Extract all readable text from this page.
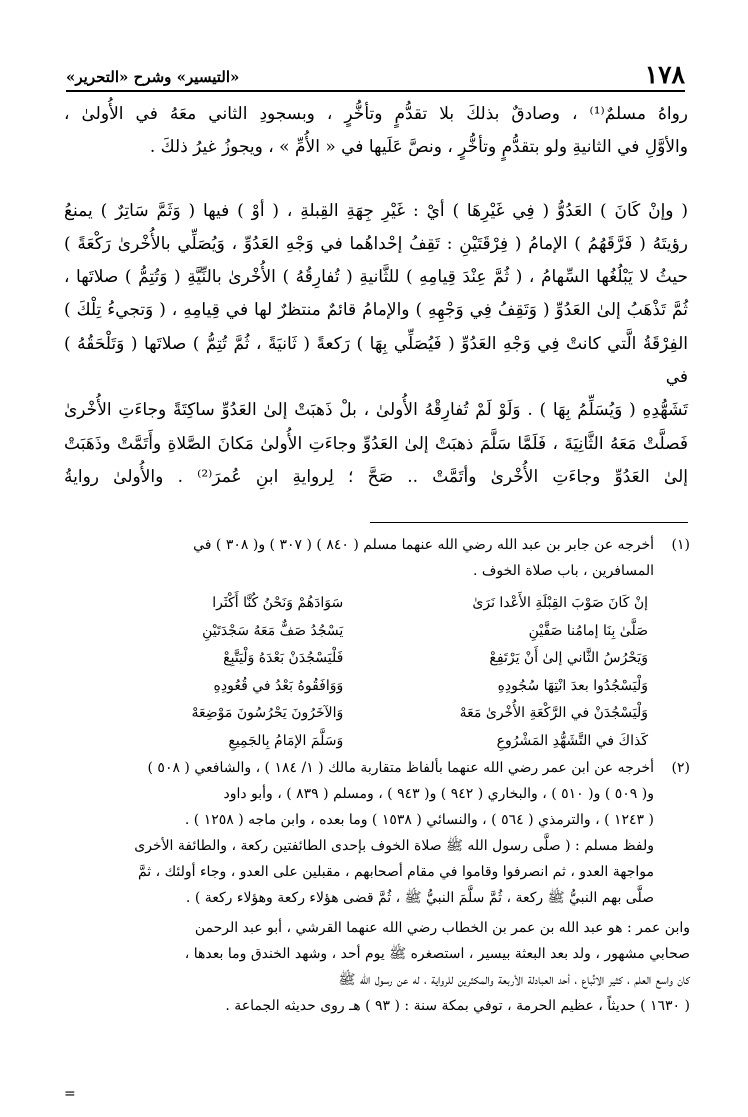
١٧٨
«التيسير» وشرح «التحرير»

رواهُ مسلمٌ⁽¹⁾ ، وصادقٌ بذلكَ بلا تقدُّمٍ وتأخُّرٍ ، وبسجودِ الثاني معَهُ في الأُولىٰ ،

والأوَّلِ في الثانيةِ ولو بتقدُّمٍ وتأخُّرٍ ، ونصَّ عَلَيها في « الأُمِّ » ، ويجوزُ غيرُ ذلكَ .

( وإنْ كَانَ ) العَدُوُّ ( فِي غَيْرِهَا ) أيْ : غَيْرِ جِهَةِ القِبلةِ ، ( أوْ ) فيها ( وَثَمَّ سَاتِرٌ ) يمنعُ

رؤيتَهُ ( فَرَّقَهُمُ ) الإمامُ ( فِرْقَتَيْنِ : تَقِفُ إحْداهُما في وَجْهِ العَدُوِّ ، وَيُصَلِّي بالأُخْرىٰ رَكْعَةً )

حيثُ لا يَبْلُغُها السِّهامُ ، ( ثُمَّ عِنْدَ قِيامِهِ ) للثَّانيةِ ( تُفارِقُهُ ) الأُخْرىٰ بالنِّيَّةِ ( وَتُتِمُّ ) صلاتَها ،

ثُمَّ تَذْهَبُ إلىٰ العَدُوِّ ( وَتَقِفُ فِي وَجْهِهِ ) والإمامُ قائمٌ منتظرٌ لها في قِيامِهِ ، ( وَتجيءُ تِلْكَ )

الفِرْقَةُ الَّتي كانتْ فِي وَجْهِ العَدُوِّ ( فَيُصَلِّي بِهَا ) رَكعةً ( ثَانيَةً ، ثُمَّ تُتِمُّ ) صلاتَها ( وَتَلْحَقُهُ ) في

تَشَهُّدِهِ ( وَيُسَلِّمُ بِهَا ) . وَلَوْ لَمْ تُفارِقْهُ الأُولىٰ ، بلْ ذَهبَتْ إلىٰ العَدُوِّ ساكِتَةً وجاءَتِ الأُخْرىٰ

فَصلَّتْ مَعَهُ الثَّانِيَةَ ، فَلَمَّا سَلَّمَ ذهبَتْ إلىٰ العَدُوِّ وجاءَتِ الأُولىٰ مَكانَ الصَّلاةِ وأَتَمَّتْ وذَهَبَتْ

إلىٰ العَدُوِّ وجاءَتِ الأُخْرىٰ وأتَمَّتْ .. صَحَّ ؛ لِروايةِ ابنِ عُمرَ⁽²⁾ . والأُولىٰ روايةُ

(١)

أخرجه عن جابر بن عبد الله رضي الله عنهما مسلم ( ٨٤٠ ) ( ٣٠٧ ) و( ٣٠٨ ) في

المسافرين ، باب صلاة الخوف .

إنْ كَانَ صَوْبَ القِبْلَةِ الأَعْدا نَرَىٰ
سَوَادَهُمْ وَنَحْنُ كُنَّا أَكْثَرا
صَلَّىٰ بِنَا إمامُنا صَفَّيْنِ
يَسْجُدُ صَفٌّ مَعَهُ سَجْدَتَيْنِ
وَيَحْرُسُ الثَّاني إلىٰ أَنْ يَرْتَفِعْ
فَلْيَسْجُدَنْ بَعْدَهُ وَلْيَتَّبِعْ
وَلْيَسْجُدُوا بعدَ انْتِهَا سُجُودِهِ
وَوَافَقُوهُ بَعْدُ في قُعُودِهِ
وَلْيَسْجُدَنْ في الرَّكْعَةِ الأُخْرىٰ مَعَهْ
وَالآخَرُونَ يَحْرُسُونَ مَوْضِعَهْ
كَذاكَ في التَّشَهُّدِ المَشْرُوعِ
وَسَلَّمَ الإمَامُ بِالجَمِيعِ
(٢)

أخرجه عن ابن عمر رضي الله عنهما بألفاظ متقاربة مالك ( ١/ ١٨٤ ) ، والشافعي ( ٥٠٨ )

و( ٥٠٩ ) و( ٥١٠ ) ، والبخاري ( ٩٤٢ ) و( ٩٤٣ ) ، ومسلم ( ٨٣٩ ) ، وأبو داود

( ١٢٤٣ ) ، والترمذي ( ٥٦٤ ) ، والنسائي ( ١٥٣٨ ) وما بعده ، وابن ماجه ( ١٢٥٨ ) .

ولفظ مسلم : ( صلَّى رسول الله ﷺ صلاة الخوف بإحدى الطائفتين ركعة ، والطائفة الأخرى

مواجهة العدو ، ثم انصرفوا وقاموا في مقام أصحابهم ، مقبلين على العدو ، وجاء أولئك ، ثمَّ

صلَّى بهم النبيُّ ﷺ ركعة ، ثُمَّ سلَّمَ النبيُّ ﷺ ، ثُمَّ قضى هؤلاء ركعة وهؤلاء ركعة ) .

وابن عمر : هو عبد الله بن عمر بن الخطاب رضي الله عنهما القرشي ، أبو عبد الرحمن

صحابي مشهور ، ولد بعد البعثة بيسير ، استصغره ﷺ يوم أحد ، وشهد الخندق وما بعدها ،

كان واسع العلم ، كثير الاتِّباع ، أحد العبادلة الأربعة والمكثرين للرواية ، له عن رسول الله ﷺ

( ١٦٣٠ ) حديثاً ، عظيم الحرمة ، توفي بمكة سنة : ( ٩٣ ) هـ روى حديثه الجماعة .

=
